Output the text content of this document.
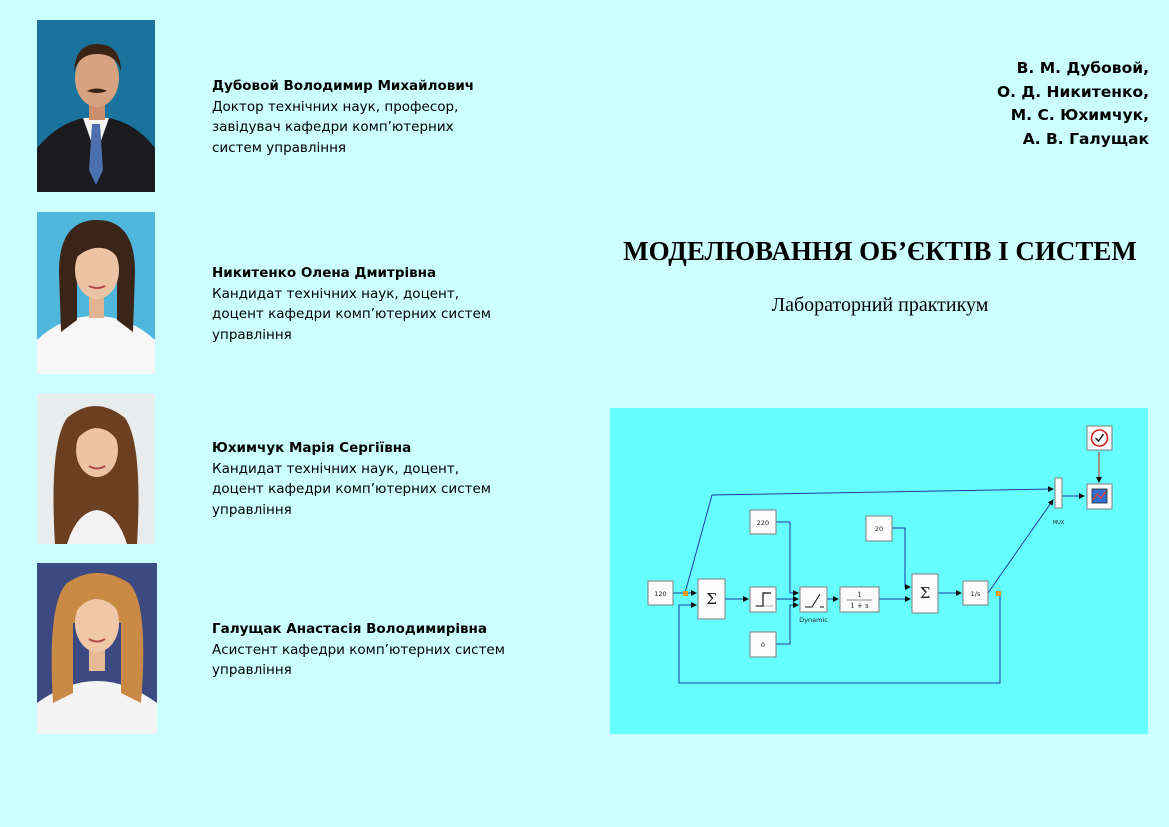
Дубовой Володимир Михайлович
Доктор технічних наук, професор,
завідувач кафедри комп’ютерних
систем управління
Никитенко Олена Дмитрівна
Кандидат технічних наук, доцент,
доцент кафедри комп’ютерних систем
управління
Юхимчук Марія Сергіївна
Кандидат технічних наук, доцент,
доцент кафедри комп’ютерних систем
управління
Галущак Анастасія Володимирівна
Асистент кафедри комп’ютерних систем
управління
В. М. Дубовой,
О. Д. Никитенко,
М. С. Юхимчук,
А. В. Галущак
МОДЕЛЮВАННЯ ОБ’ЄКТІВ І СИСТЕМ
Лабораторний практикум
120	Σ
220
0
Dynamic
1
1 + s
20
Σ	1/s
MUX
